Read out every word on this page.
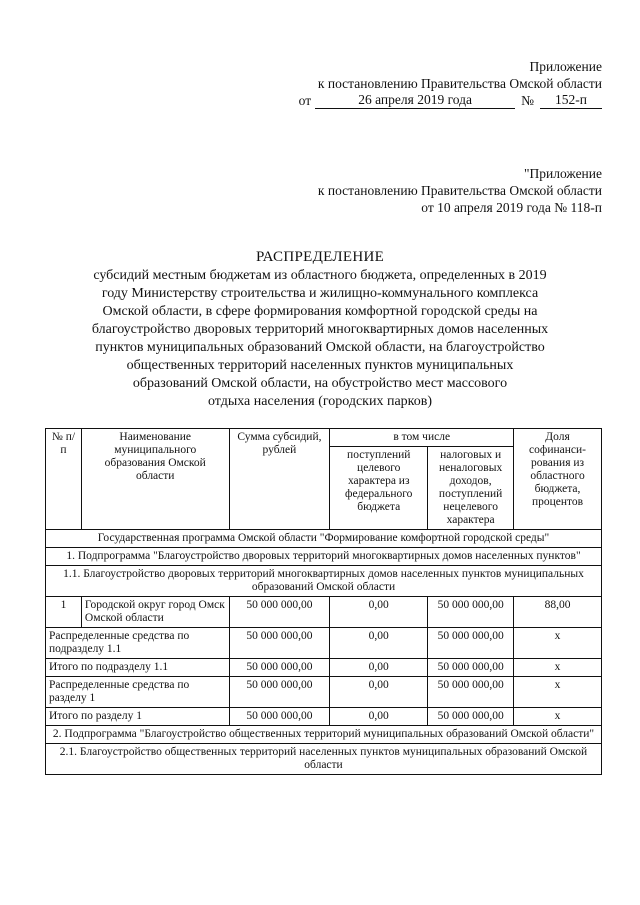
Приложение
к постановлению Правительства Омской области
от	26 апреля 2019 года	№	152-п
"Приложение
к постановлению Правительства Омской области
от 10 апреля 2019 года № 118-п
РАСПРЕДЕЛЕНИЕ
субсидий местным бюджетам из областного бюджета, определенных в 2019
году Министерству строительства и жилищно-коммунального комплекса
Омской области, в сфере формирования комфортной городской среды на
благоустройство дворовых территорий многоквартирных домов населенных
пунктов муниципальных образований Омской области, на благоустройство
общественных территорий населенных пунктов муниципальных
образований Омской области, на обустройство мест массового
отдыха населения (городских парков)
№ п/п	Наименование муниципального образования Омской области	Сумма субсидий, рублей	в том числе		Доля софинанси-рования из областного бюджета, процентов
			поступлений целевого характера из федерального бюджета	налоговых и неналоговых доходов, поступлений нецелевого характера	
Государственная программа Омской области "Формирование комфортной городской среды"					
1. Подпрограмма "Благоустройство дворовых территорий многоквартирных домов населенных пунктов"					
1.1. Благоустройство дворовых территорий многоквартирных домов населенных пунктов муниципальных образований Омской области					
1	Городской округ город Омск Омской области	50 000 000,00	0,00	50 000 000,00	88,00
Распределенные средства по подразделу 1.1		50 000 000,00	0,00	50 000 000,00	x
Итого по подразделу 1.1		50 000 000,00	0,00	50 000 000,00	x
Распределенные средства по разделу 1		50 000 000,00	0,00	50 000 000,00	x
Итого по разделу 1		50 000 000,00	0,00	50 000 000,00	x
2. Подпрограмма "Благоустройство общественных территорий муниципальных образований Омской области"					
2.1. Благоустройство общественных территорий населенных пунктов муниципальных образований Омской области					
